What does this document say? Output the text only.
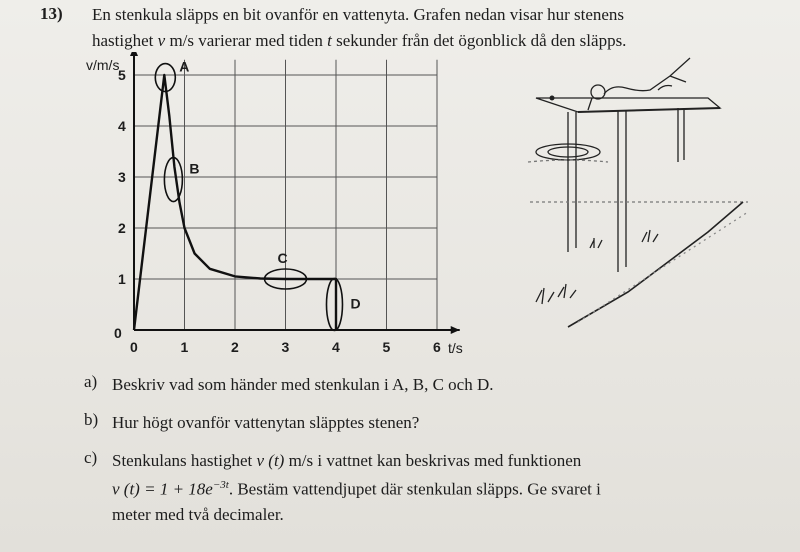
13) En stenkula släpps en bit ovanför en vattenyta. Grafen nedan visar hur stenens
hastighet v m/s varierar med tiden t sekunder från det ögonblick då den släpps.
0	1	2	3	4	5	6
1
2
3
4
5
0
A
B
C
D
v/m/s
t/s
a) Beskriv vad som händer med stenkulan i A, B, C och D.
b) Hur högt ovanför vattenytan släpptes stenen?
c) Stenkulans hastighet v (t) m/s i vattnet kan beskrivas med funktionen
v $(t) = 1 + 18e^{-3t}$. Bestäm vattendjupet där stenkulan släpps. Ge svaret i
meter med två decimaler.
